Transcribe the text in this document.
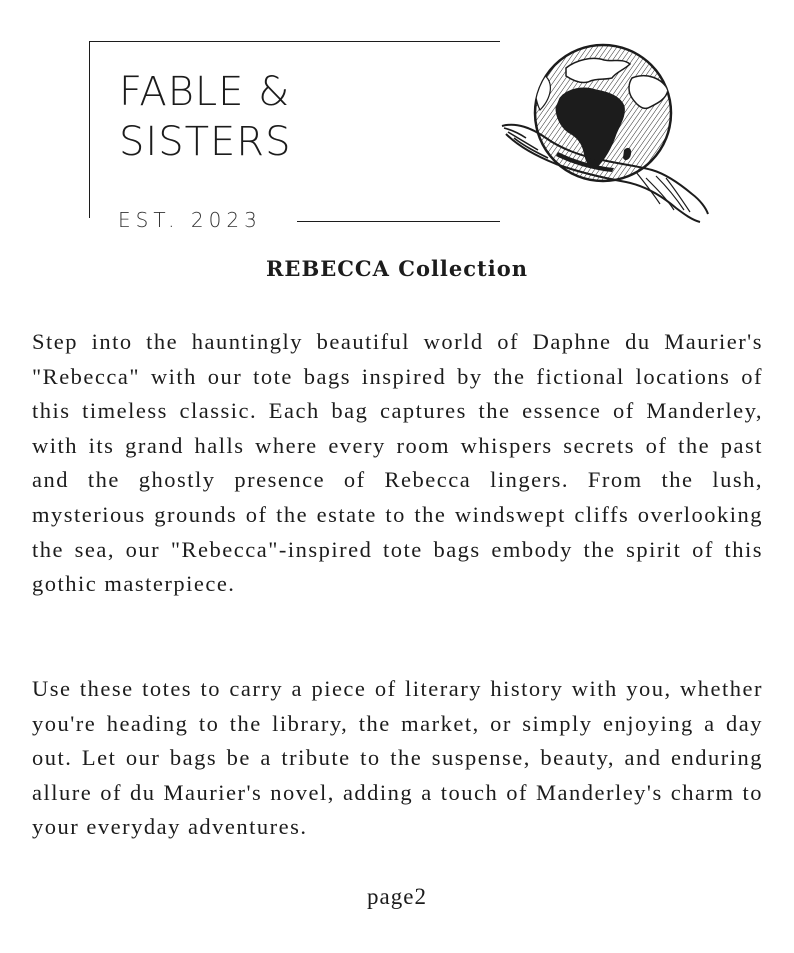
FABLE &
SISTERS
EST. 2023
REBECCA Collection

Step into the hauntingly beautiful world of Daphne du Maurier's "Rebecca" with our tote bags inspired by the fictional locations of this timeless classic. Each bag captures the essence of Manderley, with its grand halls where every room whispers secrets of the past and the ghostly presence of Rebecca lingers. From the lush, mysterious grounds of the estate to the windswept cliffs overlooking the sea, our "Rebecca"-inspired tote bags embody the spirit of this gothic masterpiece.

Use these totes to carry a piece of literary history with you, whether you're heading to the library, the market, or simply enjoying a day out. Let our bags be a tribute to the suspense, beauty, and enduring allure of du Maurier's novel, adding a touch of Manderley's charm to your everyday adventures.

page2
